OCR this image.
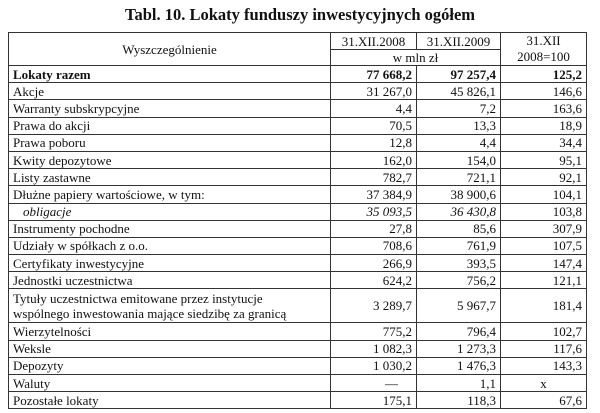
Tabl. 10. Lokaty funduszy inwestycyjnych ogółem
Wyszczególnienie	31.XII.2008	31.XII.2009	31.XII
2008=100
	w mln zł		
Lokaty razem	77 668,2	97 257,4	125,2
Akcje	31 267,0	45 826,1	146,6
Warranty subskrypcyjne	4,4	7,2	163,6
Prawa do akcji	70,5	13,3	18,9
Prawa poboru	12,8	4,4	34,4
Kwity depozytowe	162,0	154,0	95,1
Listy zastawne	782,7	721,1	92,1
Dłużne papiery wartościowe, w tym:	37 384,9	38 900,6	104,1
obligacje	35 093,5	36 430,8	103,8
Instrumenty pochodne	27,8	85,6	307,9
Udziały w spółkach z o.o.	708,6	761,9	107,5
Certyfikaty inwestycyjne	266,9	393,5	147,4
Jednostki uczestnictwa	624,2	756,2	121,1
Tytuły uczestnictwa emitowane przez instytucje
wspólnego inwestowania mające siedzibę za granicą	3 289,7	5 967,7	181,4
Wierzytelności	775,2	796,4	102,7
Weksle	1 082,3	1 273,3	117,6
Depozyty	1 030,2	1 476,3	143,3
Waluty	—	1,1	x
Pozostałe lokaty	175,1	118,3	67,6
